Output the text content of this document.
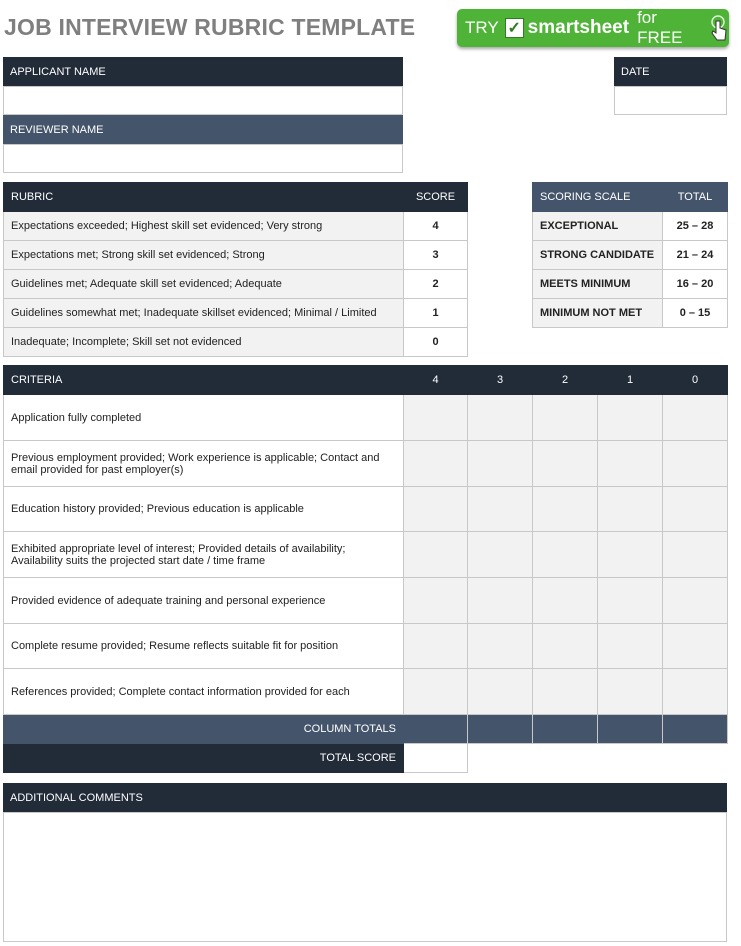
JOB INTERVIEW RUBRIC TEMPLATE	TRY ✓ smartsheet for FREE
APPLICANT NAME
REVIEWER NAME
DATE
RUBRIC	SCORE
Expectations exceeded; Highest skill set evidenced; Very strong	4
Expectations met; Strong skill set evidenced; Strong	3
Guidelines met; Adequate skill set evidenced; Adequate	2
Guidelines somewhat met; Inadequate skillset evidenced; Minimal / Limited	1
Inadequate; Incomplete; Skill set not evidenced	0
SCORING SCALE	TOTAL
EXCEPTIONAL	25 – 28
STRONG CANDIDATE	21 – 24
MEETS MINIMUM	16 – 20
MINIMUM NOT MET	0 – 15
CRITERIA	4	3	2	1	0
Application fully completed					
Previous employment provided; Work experience is applicable; Contact and email provided for past employer(s)					
Education history provided; Previous education is applicable					
Exhibited appropriate level of interest; Provided details of availability; Availability suits the projected start date / time frame					
Provided evidence of adequate training and personal experience					
Complete resume provided; Resume reflects suitable fit for position					
References provided; Complete contact information provided for each					
COLUMN TOTALS					
TOTAL SCORE					
ADDITIONAL COMMENTS
